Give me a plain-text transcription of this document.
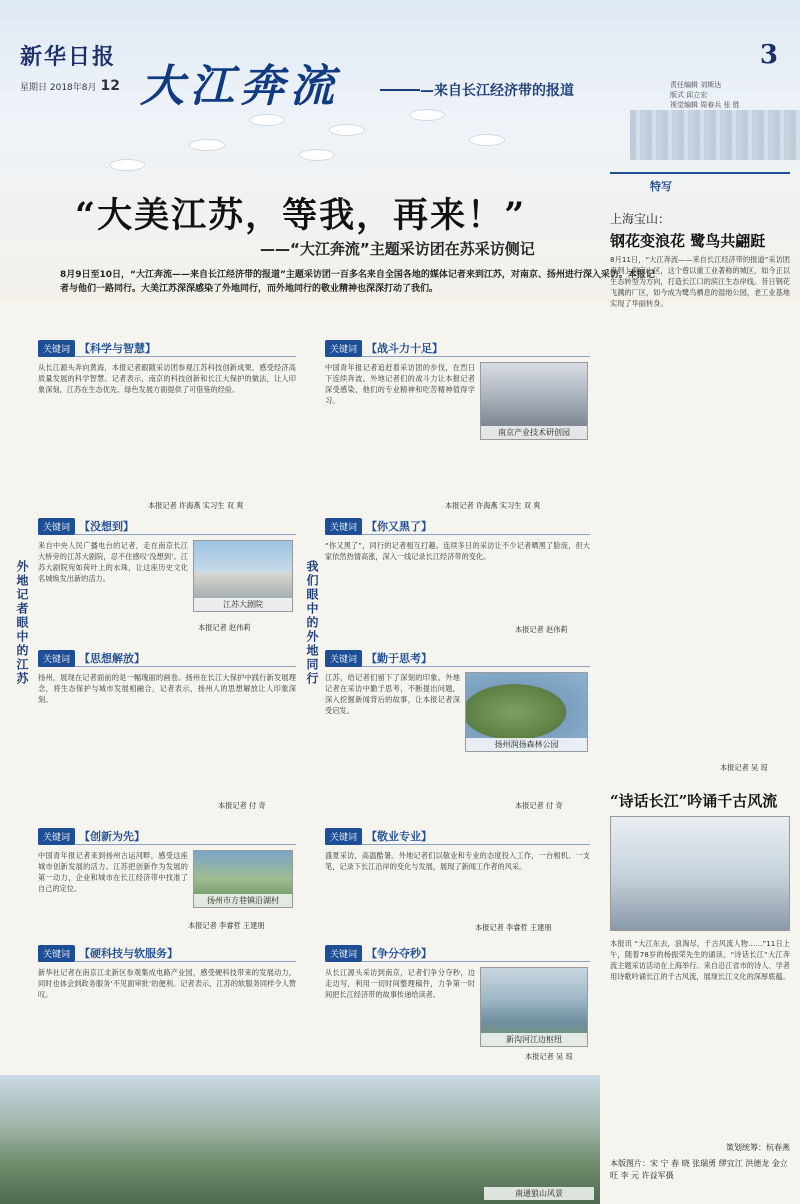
新华日报
星期日 2018年8月 12 大江奔流	—来自长江经济带的报道
3
责任编辑 刘斯达
版式 邱立宏
视觉编辑 周春兵 张 胜
“大美江苏，等我，再来！”
——“大江奔流”主题采访团在苏采访侧记
8月9日至10日，“大江奔流——来自长江经济带的报道”主题采访团一百多名来自全国各地的媒体记者来到江苏，对南京、扬州进行深入采访。本报记者与他们一路同行。大美江苏深深感染了外地同行，而外地同行的敬业精神也深深打动了我们。
外地记者眼中的江苏	我们眼中的外地同行
关键词 【科学与智慧】
从长江源头奔向黄海，本报记者跟随采访团参观江苏科技创新成果，感受经济高质量发展的科学智慧。记者表示，南京的科技创新和长江大保护的做法，让人印象深刻，江苏在生态优先、绿色发展方面提供了可借鉴的经验。
本报记者 许海燕 实习生 双 爽
关键词 【没想到】
来自中央人民广播电台的记者，走在南京长江大桥旁的江苏大剧院，忍不住感叹‘没想到’。江苏大剧院宛如荷叶上的水珠，让这座历史文化名城焕发出新的活力。
江苏大剧院
本报记者 赵伟莉
关键词 【思想解放】
扬州，展现在记者面前的是一幅瑰丽的画卷。扬州在长江大保护中践行新发展理念，将生态保护与城市发展相融合，记者表示，扬州人的思想解放让人印象深刻。
本报记者 付 奇
关键词 【创新为先】
中国青年报记者来到扬州古运河畔，感受这座城市创新发展的活力。江苏把创新作为发展的第一动力，企业和城市在长江经济带中找准了自己的定位。
扬州市方巷镇沿湖村
本报记者 李睿哲 王建朋
关键词 【硬科技与软服务】
新华社记者在南京江北新区参观集成电路产业园，感受硬科技带来的发展动力，同时也体会到政务服务‘不见面审批’的便利。记者表示，江苏的软服务同样令人赞叹。
关键词 【战斗力十足】
中国青年报记者追赶着采访团的步伐，在烈日下连续奔波。外地记者们的战斗力让本报记者深受感染，他们的专业精神和吃苦精神值得学习。
南京产业技术研创园
本报记者 许海燕 实习生 双 爽
关键词 【你又黑了】
“你又黑了”，同行的记者相互打趣。连续多日的采访让不少记者晒黑了脸庞，但大家依然热情高涨，深入一线记录长江经济带的变化。
本报记者 赵伟莉
关键词 【勤于思考】
江苏，给记者们留下了深刻的印象。外地记者在采访中勤于思考，不断提出问题，深入挖掘新闻背后的故事，让本报记者深受启发。
扬州润扬森林公园
本报记者 付 奇
关键词 【敬业专业】
盛夏采访，高温酷暑。外地记者们以敬业和专业的态度投入工作，一台相机、一支笔，记录下长江沿岸的变化与发展，展现了新闻工作者的风采。
本报记者 李睿哲 王建朋
关键词 【争分夺秒】
从长江源头采访到南京，记者们争分夺秒，边走边写，利用一切时间整理稿件，力争第一时间把长江经济带的故事传递给读者。
新沟河江边枢纽
本报记者 吴 琼
特写
上海宝山：
钢花变浪花 鹭鸟共翩跹
8月11日，“大江奔流——来自长江经济带的报道”采访团来到上海宝山区，这个曾以重工业著称的城区，如今正以生态转型为方向，打造长江口的滨江生态岸线。昔日钢花飞溅的厂区，如今成为鹭鸟栖息的湿地公园，老工业基地实现了华丽转身。
本报记者 吴 琼
“诗话长江”吟诵千古风流
本报讯 “大江东去，浪淘尽，千古风流人物……”11日上午，随着78岁的杨振荣先生的诵读，“诗话长江”大江奔流主题采访活动在上海举行。来自沿江省市的诗人、学者用诗歌吟诵长江的千古风流，展现长江文化的深厚底蕴。
南通狼山风景
策划统筹：杭春燕
本版图片：宋 宁 春 晓 张瑞勇 缪宜江 洪德龙 金立旺 李 元 许益军摄
